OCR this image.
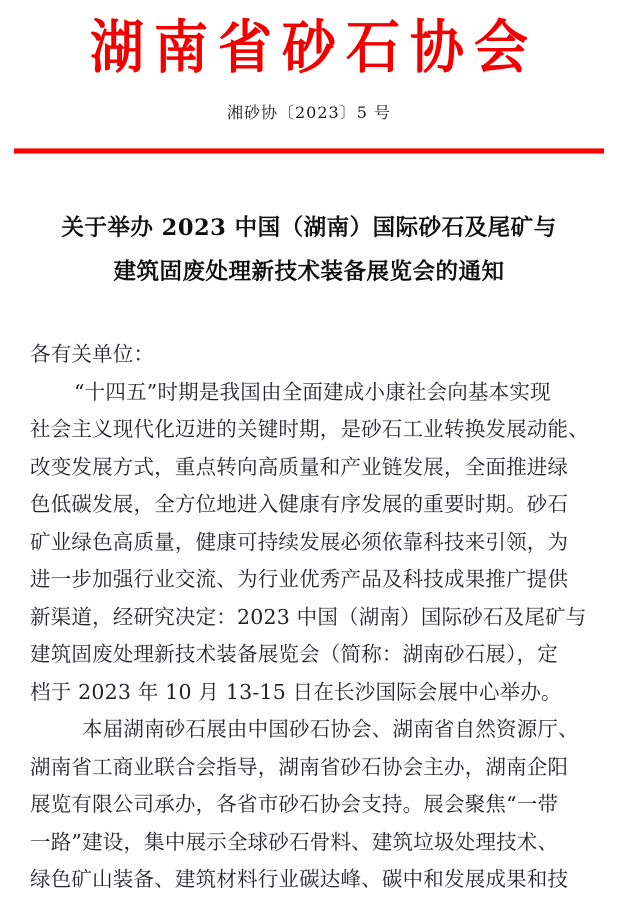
湖南省砂石协会
湘砂协〔2023〕5 号
关于举办 2023 中国（湖南）国际砂石及尾矿与
建筑固废处理新技术装备展览会的通知
各有关单位：
“十四五”时期是我国由全面建成小康社会向基本实现
社会主义现代化迈进的关键时期，是砂石工业转换发展动能、
改变发展方式，重点转向高质量和产业链发展，全面推进绿
色低碳发展，全方位地进入健康有序发展的重要时期。砂石
矿业绿色高质量，健康可持续发展必须依靠科技来引领，为
进一步加强行业交流、为行业优秀产品及科技成果推广提供
新渠道，经研究决定：2023 中国（湖南）国际砂石及尾矿与
建筑固废处理新技术装备展览会（简称：湖南砂石展），定
档于 2023 年 10 月 13-15 日在长沙国际会展中心举办。
本届湖南砂石展由中国砂石协会、湖南省自然资源厅、
湖南省工商业联合会指导，湖南省砂石协会主办，湖南企阳
展览有限公司承办，各省市砂石协会支持。展会聚焦“一带
一路”建设，集中展示全球砂石骨料、建筑垃圾处理技术、
绿色矿山装备、建筑材料行业碳达峰、碳中和发展成果和技
